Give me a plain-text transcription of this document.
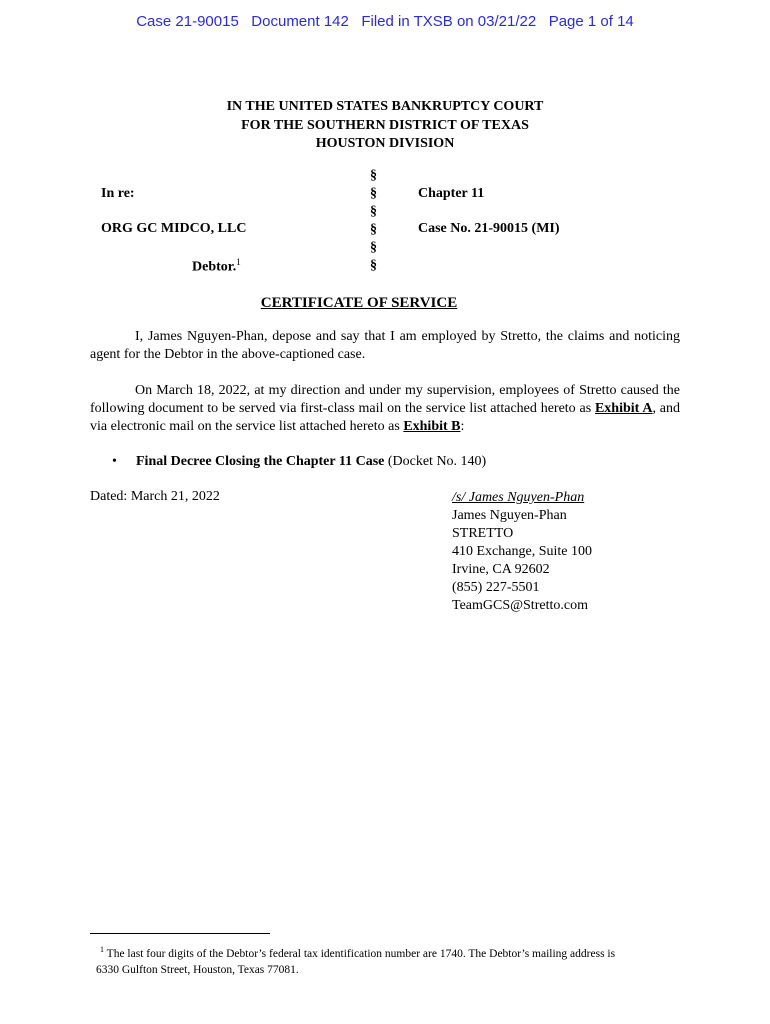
Case 21-90015   Document 142   Filed in TXSB on 03/21/22   Page 1 of 14
IN THE UNITED STATES BANKRUPTCY COURT
FOR THE SOUTHERN DISTRICT OF TEXAS
HOUSTON DIVISION
In re:
ORG GC MIDCO, LLC
Debtor.$^1$
Chapter 11
Case No. 21-90015 (MI)
§
§
§
§
§
§
CERTIFICATE OF SERVICE
I, James Nguyen-Phan, depose and say that I am employed by Stretto, the claims and noticing agent for the Debtor in the above-captioned case.
On March 18, 2022, at my direction and under my supervision, employees of Stretto caused the following document to be served via first-class mail on the service list attached hereto as Exhibit A, and via electronic mail on the service list attached hereto as Exhibit B:
• Final Decree Closing the Chapter 11 Case (Docket No. 140)
Dated: March 21, 2022	/s/ James Nguyen-Phan
James Nguyen-Phan
STRETTO
410 Exchange, Suite 100
Irvine, CA 92602
(855) 227-5501
TeamGCS@Stretto.com
$^1$ The last four digits of the Debtor’s federal tax identification number are 1740. The Debtor’s mailing address is
6330 Gulfton Street, Houston, Texas 77081.
